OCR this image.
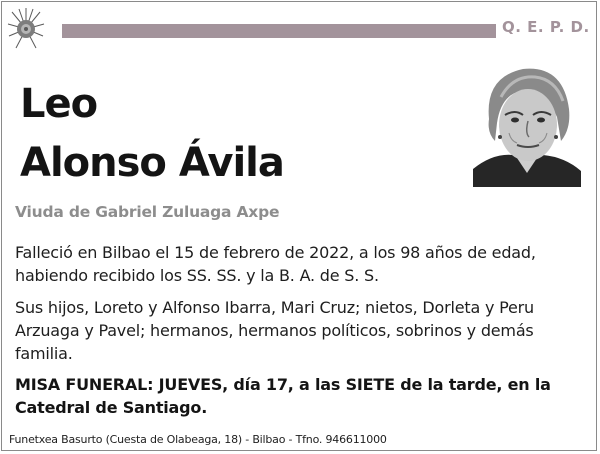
Q. E. P. D.
Leo
Alonso Ávila
Viuda de Gabriel Zuluaga Axpe
Falleció en Bilbao el 15 de febrero de 2022, a los 98 años de edad, habiendo recibido los SS. SS. y la B. A. de S. S.
Sus hijos, Loreto y Alfonso Ibarra, Mari Cruz; nietos, Dorleta y Peru Arzuaga y Pavel; hermanos, hermanos políticos, sobrinos y demás familia.
MISA FUNERAL: JUEVES, día 17, a las SIETE de la tarde, en la Catedral de Santiago.
Funetxea Basurto (Cuesta de Olabeaga, 18) - Bilbao - Tfno. 946611000
